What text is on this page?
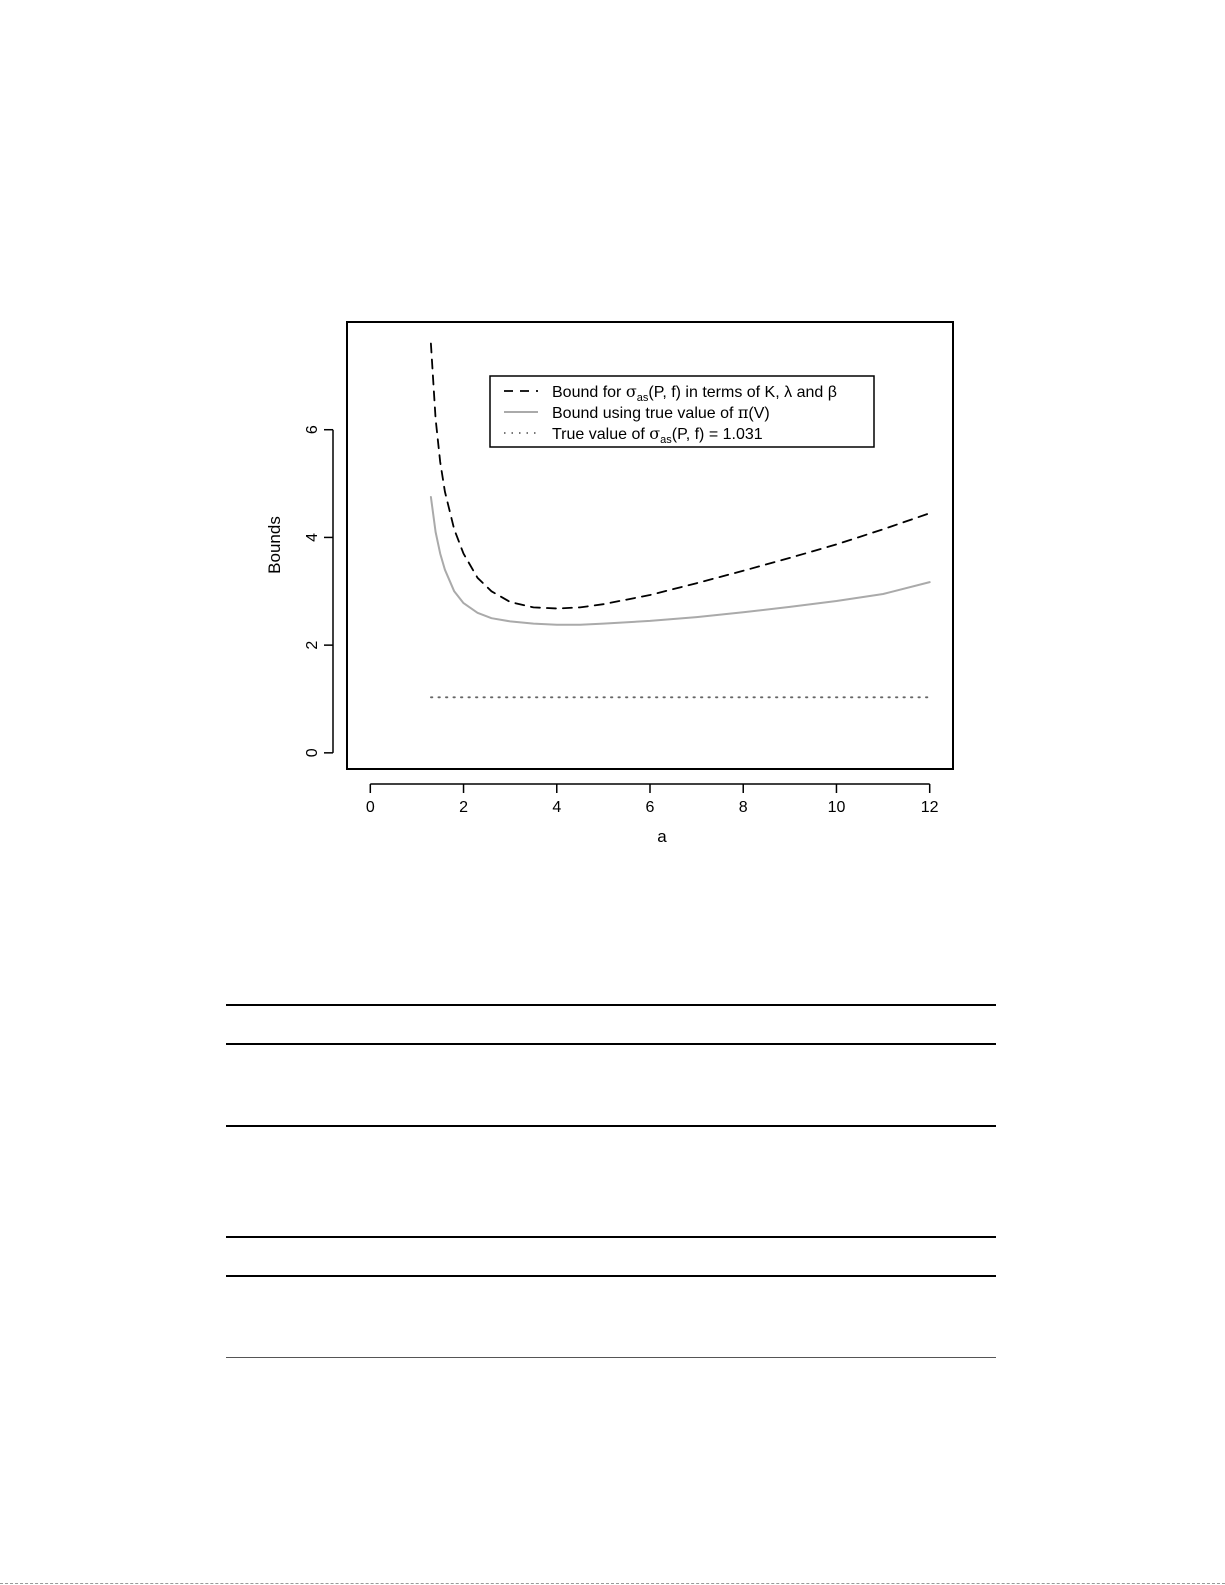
0	2	4	6	8	10	12
0
2
4
6
Bound for $\sigma_{as}(P$, f) in terms of K, λ and β
Bound using true value of π(V)
True value of $\sigma_{as}(P$, f) = 1.031
a
Bounds
